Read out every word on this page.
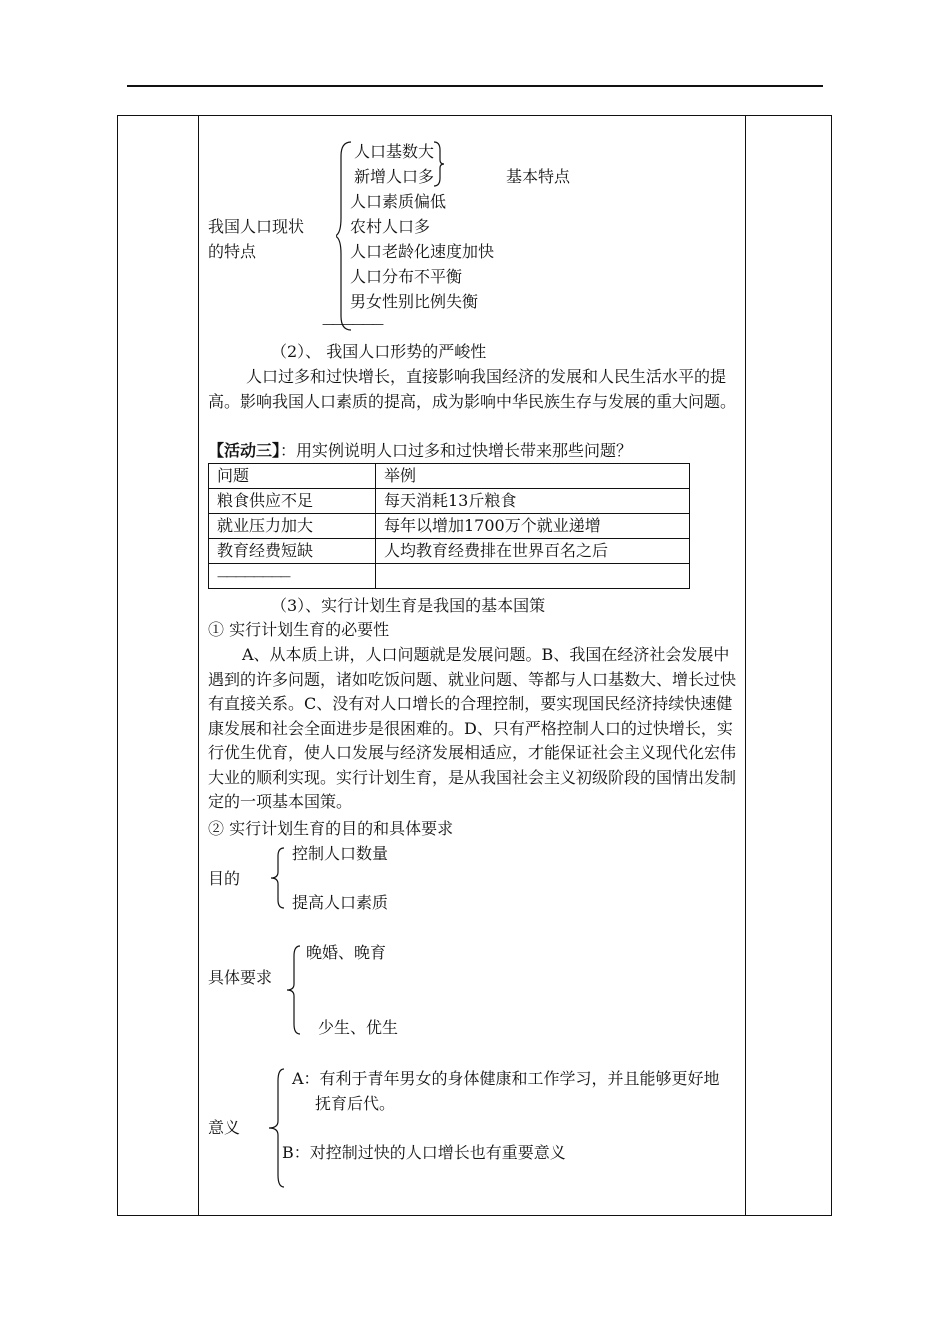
我国人口现状
的特点
人口基数大
新增人口多
人口素质偏低
农村人口多
人口老龄化速度加快
人口分布不平衡
男女性别比例失衡
基本特点
——————
（2）、 我国人口形势的严峻性
人口过多和过快增长，直接影响我国经济的发展和人民生活水平的提高。影响我国人口素质的提高，成为影响中华民族生存与发展的重大问题。
【活动三】：用实例说明人口过多和过快增长带来那些问题？
问题	举例
粮食供应不足	每天消耗13斤粮食
就业压力加大	每年以增加1700万个就业递增
教育经费短缺	人均教育经费排在世界百名之后
————————	
（3）、实行计划生育是我国的基本国策
① 实行计划生育的必要性
A、从本质上讲，人口问题就是发展问题。B、我国在经济社会发展中遇到的许多问题，诸如吃饭问题、就业问题、等都与人口基数大、增长过快有直接关系。C、没有对人口增长的合理控制，要实现国民经济持续快速健康发展和社会全面进步是很困难的。D、只有严格控制人口的过快增长，实行优生优育，使人口发展与经济发展相适应，才能保证社会主义现代化宏伟大业的顺利实现。实行计划生育，是从我国社会主义初级阶段的国情出发制定的一项基本国策。
② 实行计划生育的目的和具体要求
目的
控制人口数量
提高人口素质
具体要求
晚婚、晚育
少生、优生
意义
A：有利于青年男女的身体健康和工作学习，并且能够更好地
抚育后代。
B：对控制过快的人口增长也有重要意义
